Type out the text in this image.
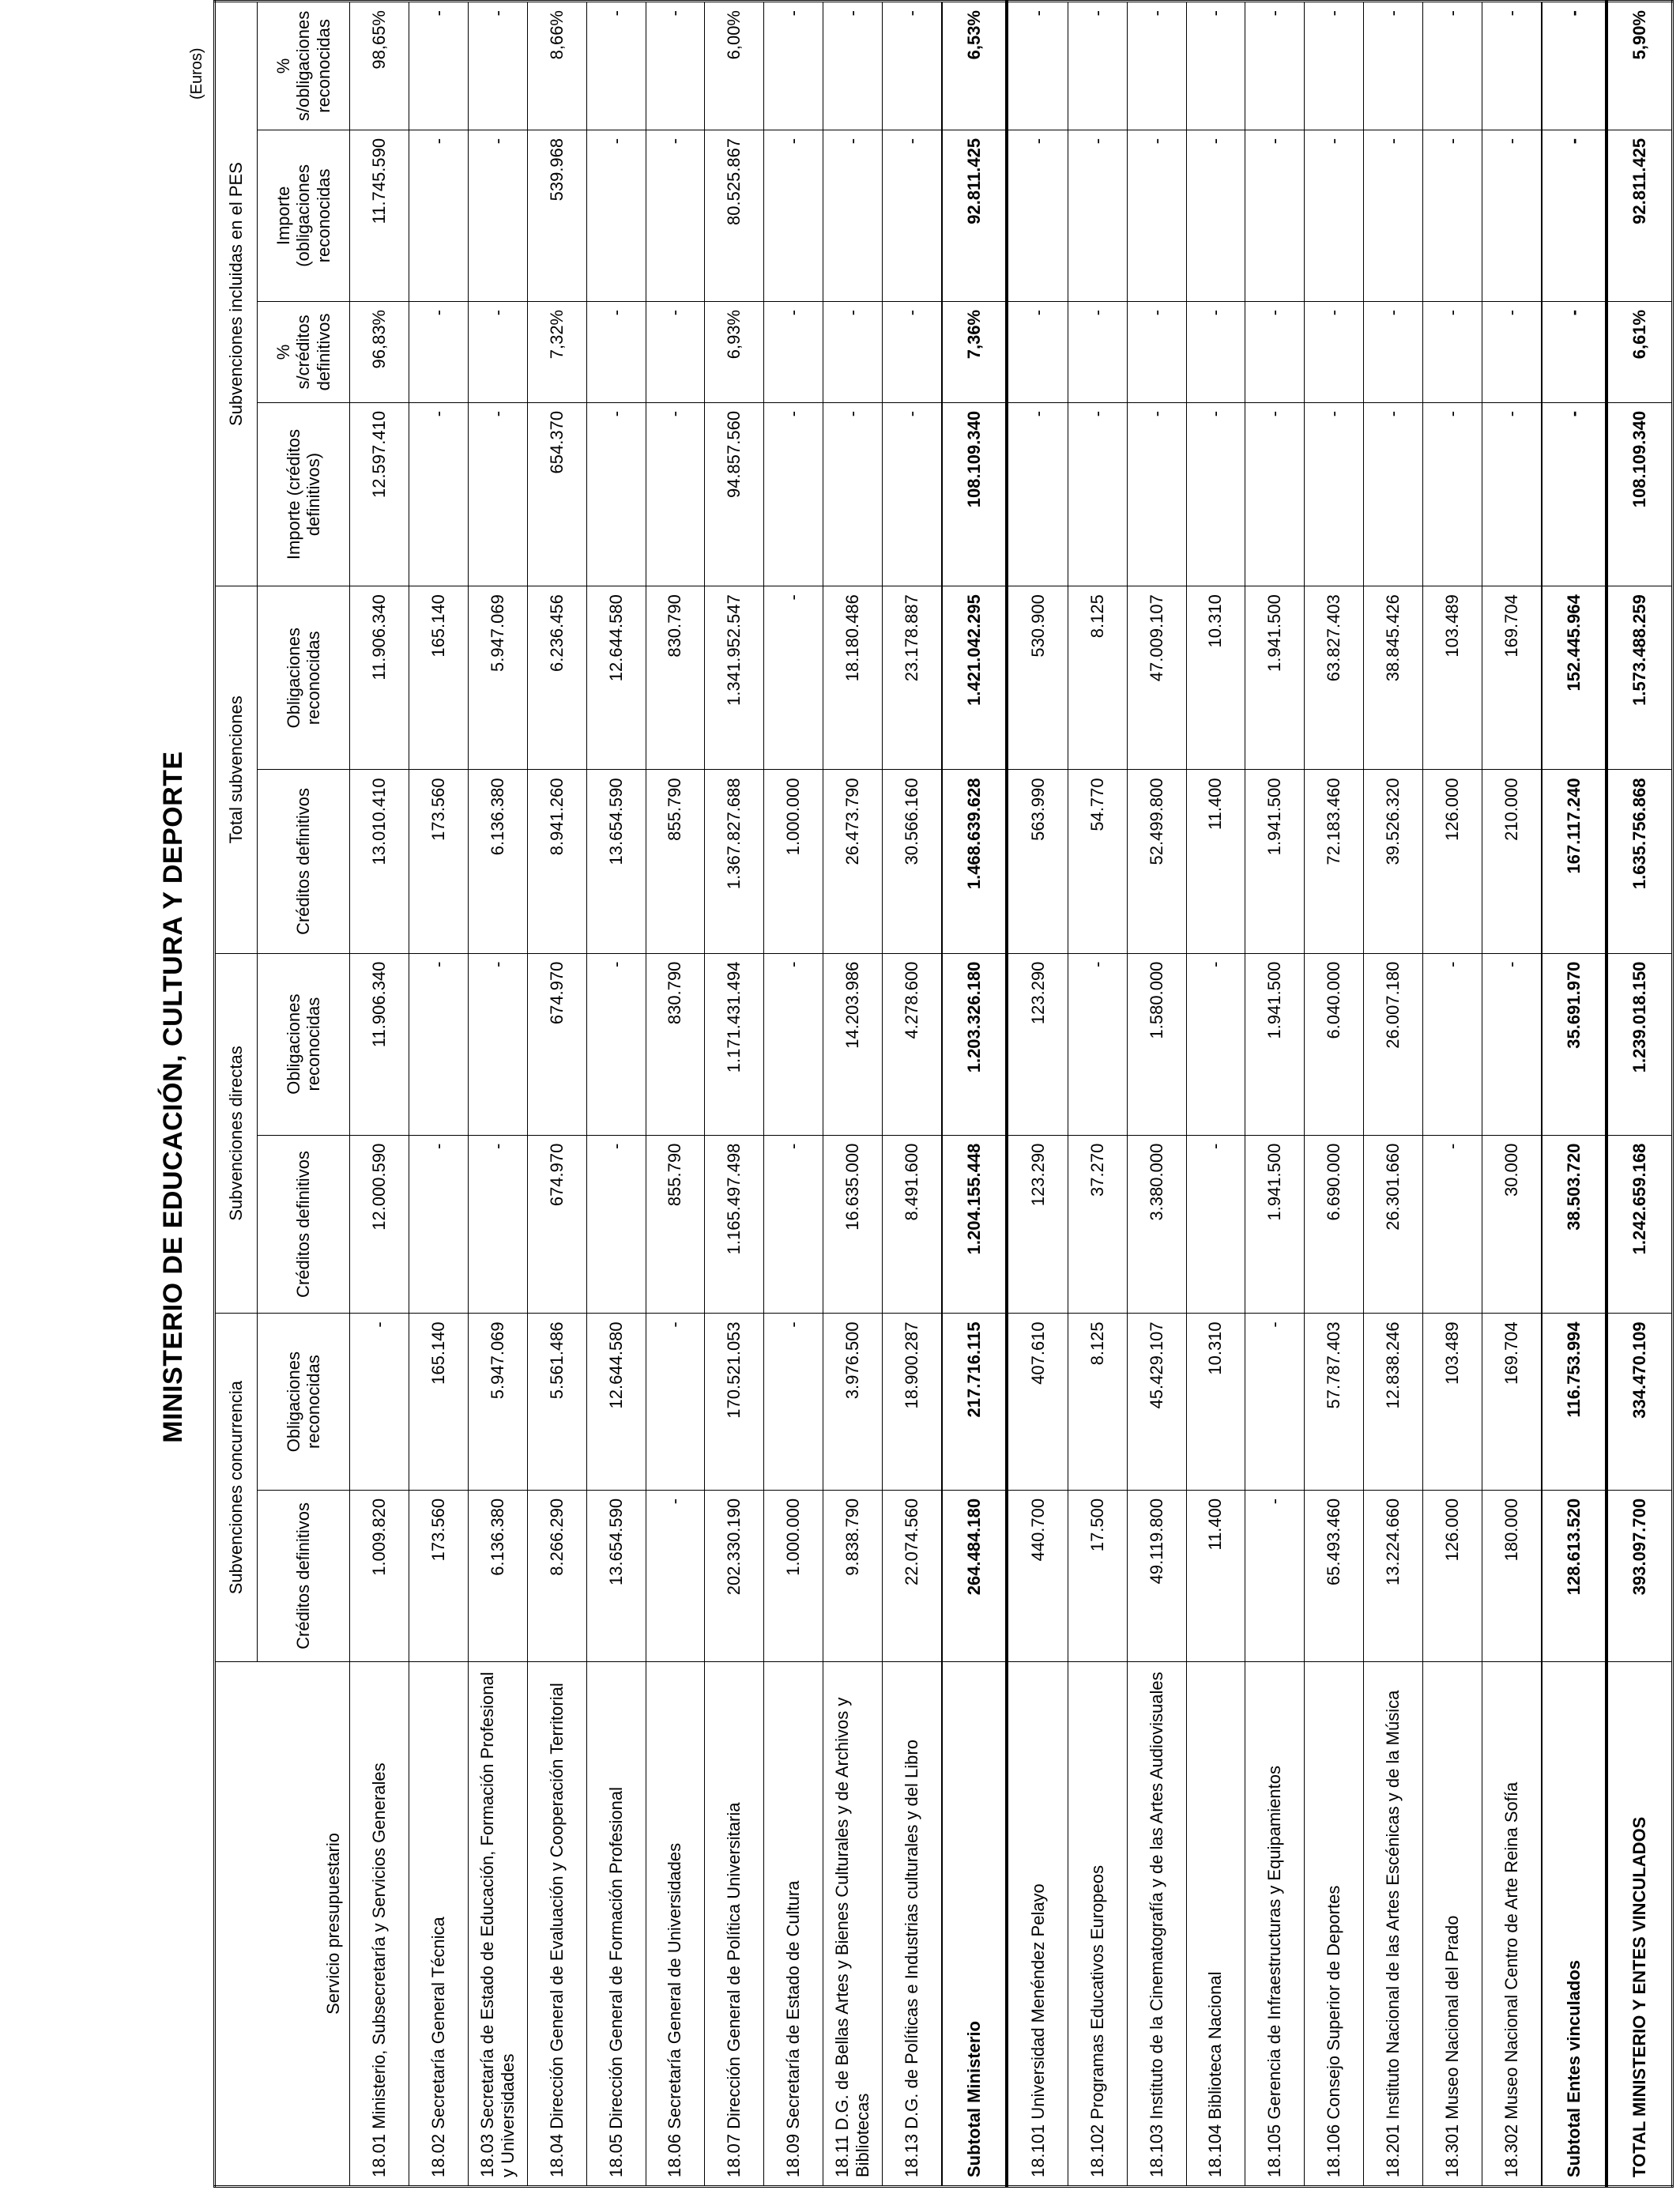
MINISTERIO DE EDUCACIÓN, CULTURA Y DEPORTE
(Euros)
Servicio presupuestario	Subvenciones concurrencia		Subvenciones directas		Total subvenciones		Subvenciones incluidas en el PES			
	Créditos definitivos	Obligaciones reconocidas	Créditos definitivos	Obligaciones reconocidas	Créditos definitivos	Obligaciones reconocidas	Importe (créditos definitivos)	% s/créditos definitivos	Importe (obligaciones reconocidas	% s/obligaciones reconocidas
18.01 Ministerio, Subsecretaría y Servicios Generales	1.009.820	-	12.000.590	11.906.340	13.010.410	11.906.340	12.597.410	96,83%	11.745.590	98,65%
18.02 Secretaría General Técnica	173.560	165.140	-	-	173.560	165.140	-	-	-	-
18.03 Secretaría de Estado de Educación, Formación Profesional y Universidades	6.136.380	5.947.069	-	-	6.136.380	5.947.069	-	-	-	-
18.04 Dirección General de Evaluación y Cooperación Territorial	8.266.290	5.561.486	674.970	674.970	8.941.260	6.236.456	654.370	7,32%	539.968	8,66%
18.05 Dirección General de Formación Profesional	13.654.590	12.644.580	-	-	13.654.590	12.644.580	-	-	-	-
18.06 Secretaría General de Universidades	-	-	855.790	830.790	855.790	830.790	-	-	-	-
18.07 Dirección General de Política Universitaria	202.330.190	170.521.053	1.165.497.498	1.171.431.494	1.367.827.688	1.341.952.547	94.857.560	6,93%	80.525.867	6,00%
18.09 Secretaría de Estado de Cultura	1.000.000	-	-	-	1.000.000	-	-	-	-	-
18.11 D.G. de Bellas Artes y Bienes Culturales y de Archivos y Bibliotecas	9.838.790	3.976.500	16.635.000	14.203.986	26.473.790	18.180.486	-	-	-	-
18.13 D.G. de Políticas e Industrias culturales y del Libro	22.074.560	18.900.287	8.491.600	4.278.600	30.566.160	23.178.887	-	-	-	-
Subtotal Ministerio	264.484.180	217.716.115	1.204.155.448	1.203.326.180	1.468.639.628	1.421.042.295	108.109.340	7,36%	92.811.425	6,53%
18.101 Universidad Menéndez Pelayo	440.700	407.610	123.290	123.290	563.990	530.900	-	-	-	-
18.102 Programas Educativos Europeos	17.500	8.125	37.270	-	54.770	8.125	-	-	-	-
18.103 Instituto de la Cinematografía y de las Artes Audiovisuales	49.119.800	45.429.107	3.380.000	1.580.000	52.499.800	47.009.107	-	-	-	-
18.104 Biblioteca Nacional	11.400	10.310	-	-	11.400	10.310	-	-	-	-
18.105 Gerencia de Infraestructuras y Equipamientos	-	-	1.941.500	1.941.500	1.941.500	1.941.500	-	-	-	-
18.106 Consejo Superior de Deportes	65.493.460	57.787.403	6.690.000	6.040.000	72.183.460	63.827.403	-	-	-	-
18.201 Instituto Nacional de las Artes Escénicas y de la Música	13.224.660	12.838.246	26.301.660	26.007.180	39.526.320	38.845.426	-	-	-	-
18.301 Museo Nacional del Prado	126.000	103.489	-	-	126.000	103.489	-	-	-	-
18.302 Museo Nacional Centro de Arte Reina Sofía	180.000	169.704	30.000	-	210.000	169.704	-	-	-	-
Subtotal Entes vinculados	128.613.520	116.753.994	38.503.720	35.691.970	167.117.240	152.445.964	-	-	-	-
TOTAL MINISTERIO Y ENTES VINCULADOS	393.097.700	334.470.109	1.242.659.168	1.239.018.150	1.635.756.868	1.573.488.259	108.109.340	6,61%	92.811.425	5,90%
